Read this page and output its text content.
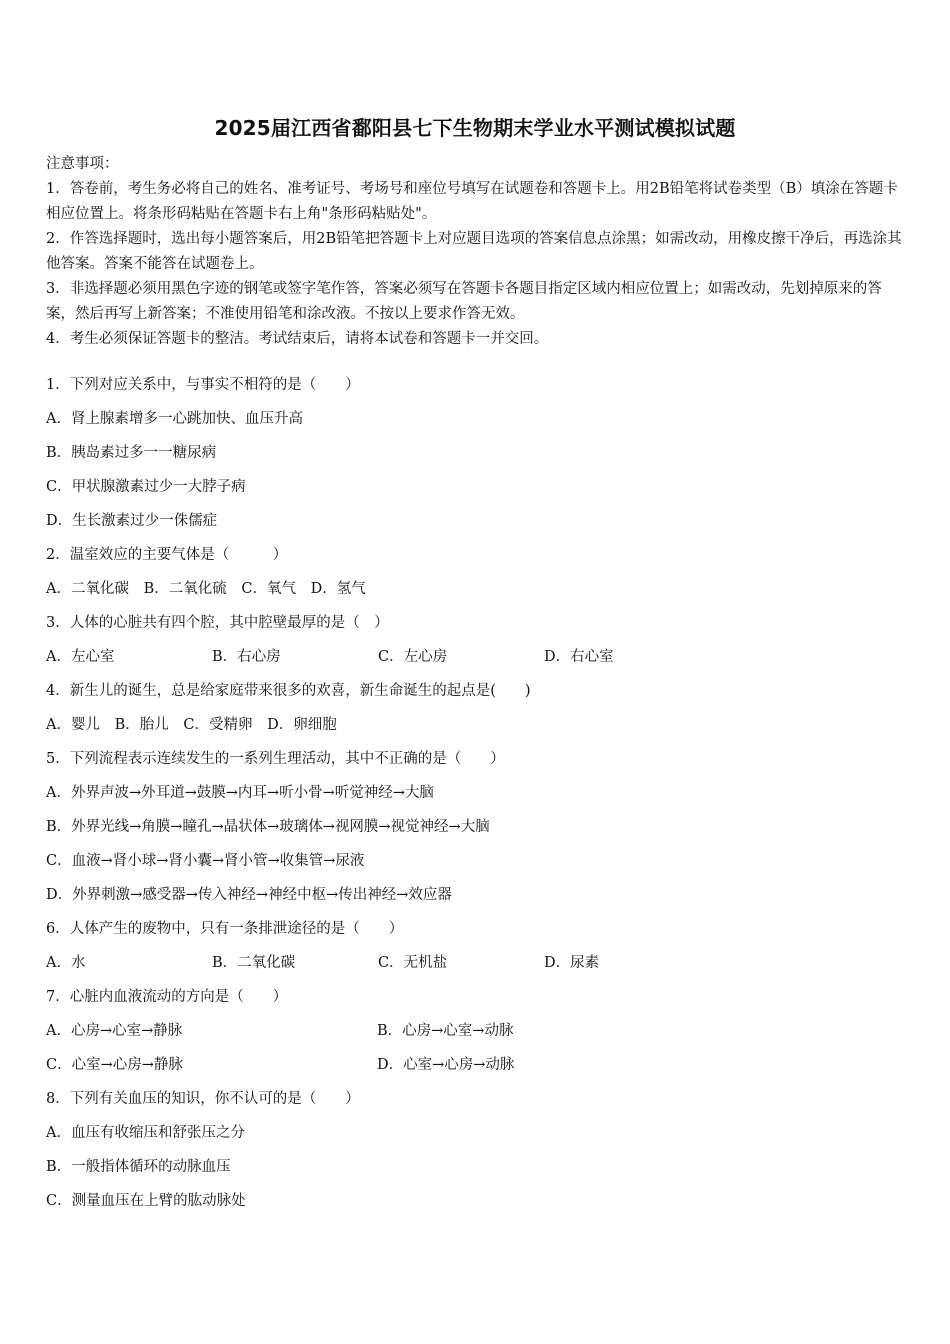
2025届江西省鄱阳县七下生物期末学业水平测试模拟试题

注意事项：

1．答卷前，考生务必将自己的姓名、准考证号、考场号和座位号填写在试题卷和答题卡上。用2B铅笔将试卷类型（B）填涂在答题卡相应位置上。将条形码粘贴在答题卡右上角"条形码粘贴处"。

2．作答选择题时，选出每小题答案后，用2B铅笔把答题卡上对应题目选项的答案信息点涂黑；如需改动，用橡皮擦干净后，再选涂其他答案。答案不能答在试题卷上。

3．非选择题必须用黑色字迹的钢笔或签字笔作答，答案必须写在答题卡各题目指定区域内相应位置上；如需改动，先划掉原来的答案，然后再写上新答案；不准使用铅笔和涂改液。不按以上要求作答无效。

4．考生必须保证答题卡的整洁。考试结束后，请将本试卷和答题卡一并交回。

1．下列对应关系中，与事实不相符的是（　　）
A．肾上腺素增多一心跳加快、血压升高
B．胰岛素过多一一糖尿病
C．甲状腺激素过少一大脖子病
D．生长激素过少一侏儒症
2．温室效应的主要气体是（　　　）
A．二氧化碳 B．二氧化硫 C．氧气 D．氢气
3．人体的心脏共有四个腔，其中腔壁最厚的是（　）
A．左心室	B．右心房	C．左心房	D．右心室
4．新生儿的诞生，总是给家庭带来很多的欢喜，新生命诞生的起点是(　　)
A．婴儿 B．胎儿 C．受精卵 D．卵细胞
5．下列流程表示连续发生的一系列生理活动，其中不正确的是（　　）
A．外界声波→外耳道→鼓膜→内耳→听小骨→听觉神经→大脑
B．外界光线→角膜→瞳孔→晶状体→玻璃体→视网膜→视觉神经→大脑
C．血液→肾小球→肾小囊→肾小管→收集管→尿液
D．外界刺激→感受器→传入神经→神经中枢→传出神经→效应器
6．人体产生的废物中，只有一条排泄途径的是（　　）
A．水	B．二氧化碳	C．无机盐	D．尿素
7．心脏内血液流动的方向是（　　）
A．心房→心室→静脉	B．心房→心室→动脉
C．心室→心房→静脉	D．心室→心房→动脉
8．下列有关血压的知识，你不认可的是（　　）
A．血压有收缩压和舒张压之分
B．一般指体循环的动脉血压
C．测量血压在上臂的肱动脉处
